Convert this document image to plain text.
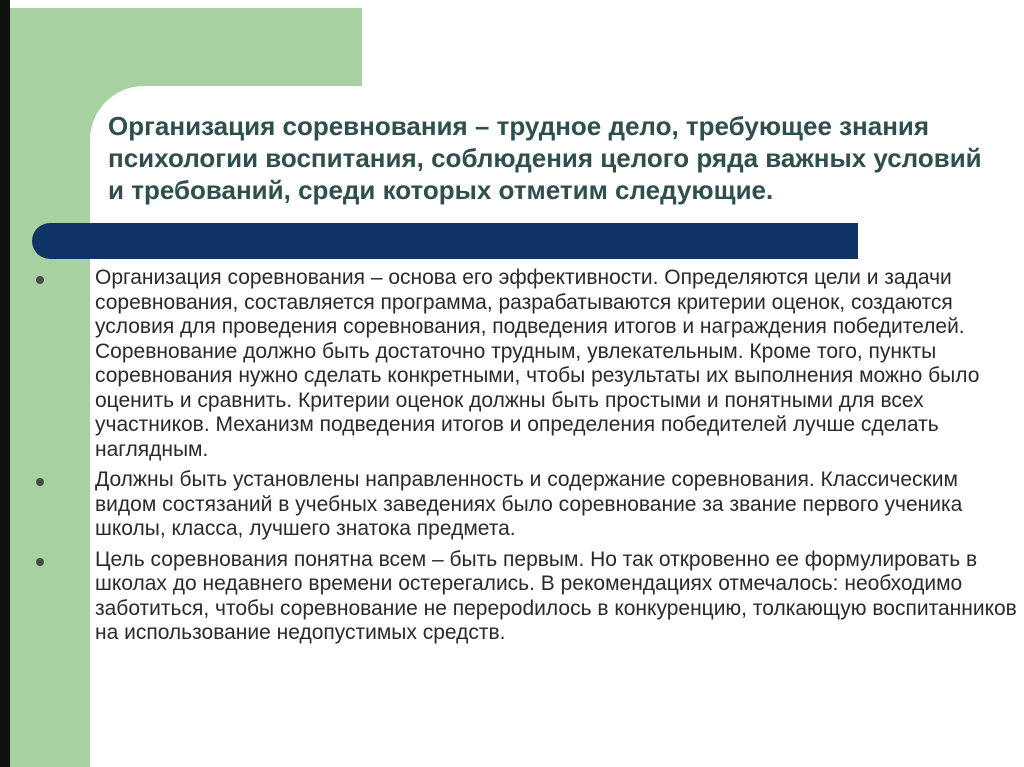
Организация соревнования – трудное дело, требующее знания психологии воспитания, соблюдения целого ряда важных условий и требований, среди которых отметим следующие.
Организация соревнования – основа его эффективности. Определяются цели и задачи соревнования, составляется программа, разрабатываются критерии оценок, создаются условия для проведения соревнования, подведения итогов и награждения победителей. Соревнование должно быть достаточно трудным, увлекательным. Кроме того, пункты соревнования нужно сделать конкретными, чтобы результаты их выполнения можно было оценить и сравнить. Критерии оценок должны быть простыми и понятными для всех участников. Механизм подведения итогов и определения победителей лучше сделать наглядным.
Должны быть установлены направленность и содержание соревнования. Классическим видом состязаний в учебных заведениях было соревнование за звание первого ученика школы, класса, лучшего знатока предмета.
Цель соревнования понятна всем – быть первым. Но так откровенно ее формулировать в школах до недавнего времени остерегались. В рекомендациях отмечалось: необходимо заботиться, чтобы соревнование не перерodилось в конкуренцию, толкающую воспитанников на использование недопустимых средств.
